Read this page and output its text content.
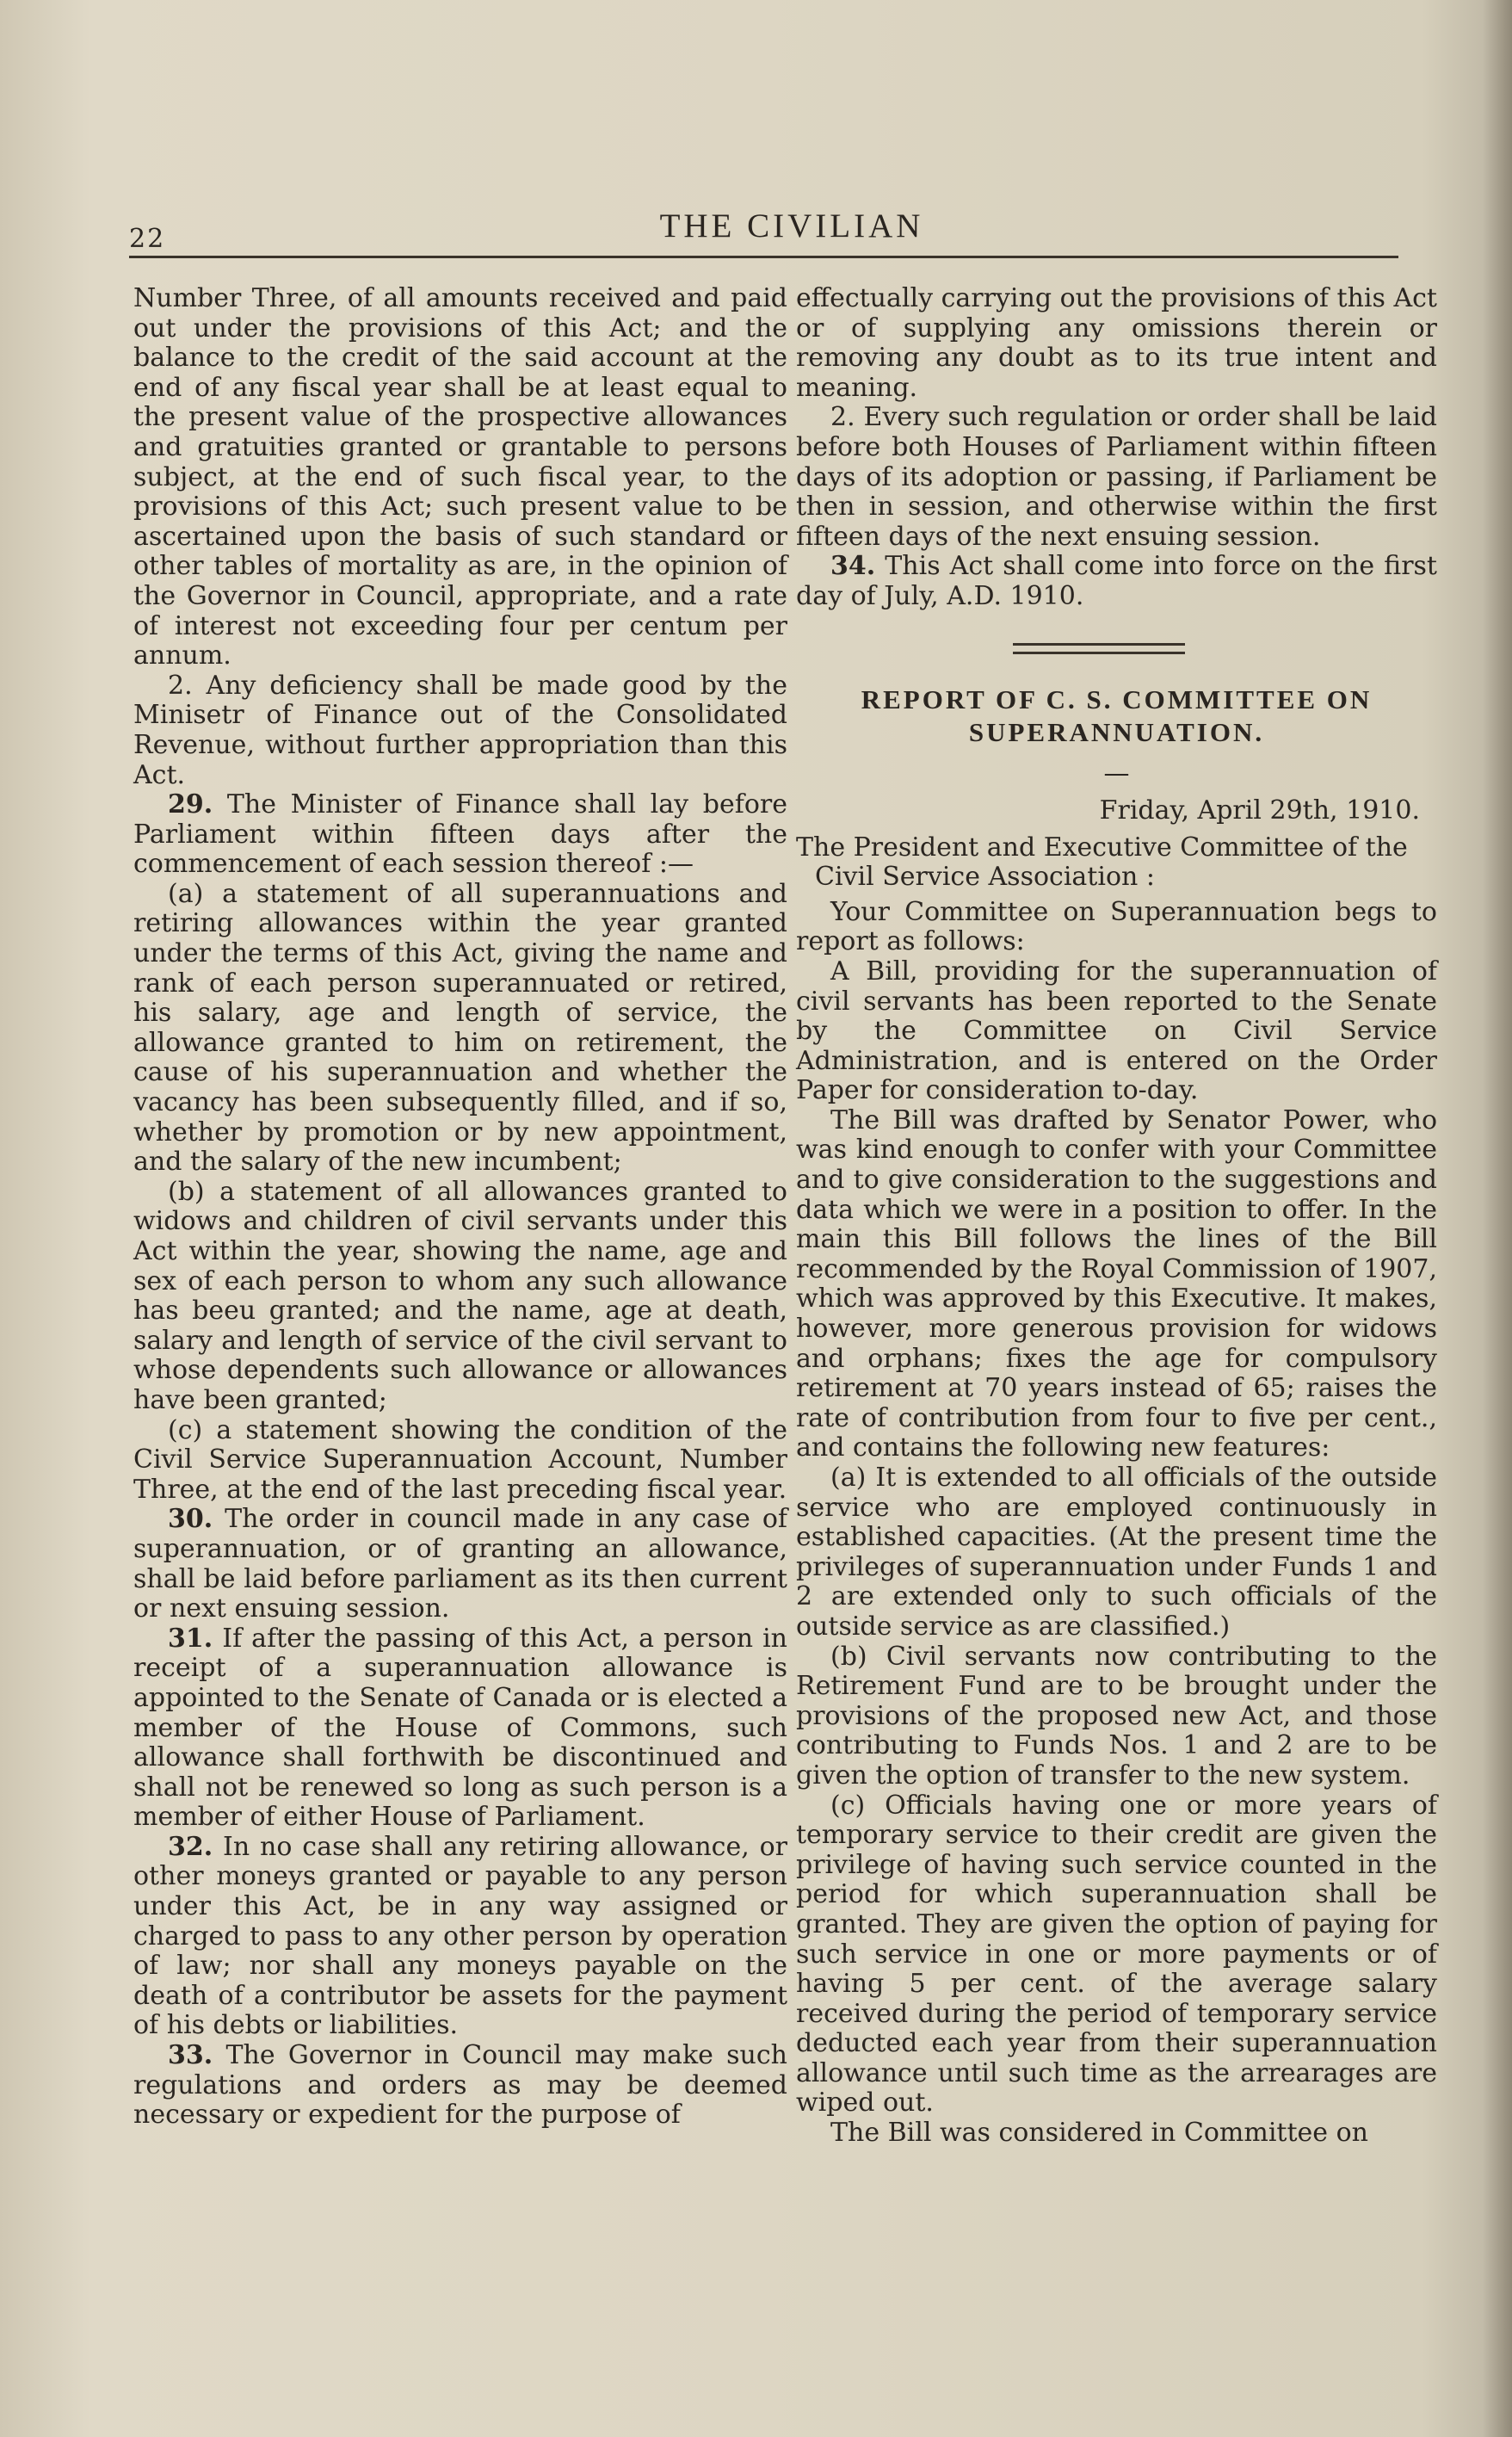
22	THE CIVILIAN

Number Three, of all amounts received and paid out under the provisions of this Act; and the balance to the credit of the said account at the end of any fiscal year shall be at least equal to the present value of the prospective allowances and gratuities granted or grantable to persons subject, at the end of such fiscal year, to the provisions of this Act; such present value to be ascertained upon the basis of such standard or other tables of mortality as are, in the opinion of the Governor in Council, appropriate, and a rate of interest not exceeding four per centum per annum.

2. Any deficiency shall be made good by the Minisetr of Finance out of the Consolidated Revenue, without further appropriation than this Act.

29. The Minister of Finance shall lay before Parliament within fifteen days after the commencement of each session thereof :—

(a) a statement of all superannuations and retiring allowances within the year granted under the terms of this Act, giving the name and rank of each person superannuated or retired, his salary, age and length of service, the allowance granted to him on retirement, the cause of his superannuation and whether the vacancy has been subsequently filled, and if so, whether by promotion or by new appointment, and the salary of the new incumbent;

(b) a statement of all allowances granted to widows and children of civil servants under this Act within the year, showing the name, age and sex of each person to whom any such allowance has beeu granted; and the name, age at death, salary and length of service of the civil servant to whose dependents such allowance or allowances have been granted;

(c) a statement showing the condition of the Civil Service Superannuation Account, Number Three, at the end of the last preceding fiscal year.

30. The order in council made in any case of superannuation, or of granting an allowance, shall be laid before parliament as its then current or next ensuing session.

31. If after the passing of this Act, a person in receipt of a superannuation allowance is appointed to the Senate of Canada or is elected a member of the House of Commons, such allowance shall forthwith be discontinued and shall not be renewed so long as such person is a member of either House of Parliament.

32. In no case shall any retiring allowance, or other moneys granted or payable to any person under this Act, be in any way assigned or charged to pass to any other person by operation of law; nor shall any moneys payable on the death of a contributor be assets for the payment of his debts or liabilities.

33. The Governor in Council may make such regulations and orders as may be deemed necessary or expedient for the purpose of

effectually carrying out the provisions of this Act or of supplying any omissions therein or removing any doubt as to its true intent and meaning.

2. Every such regulation or order shall be laid before both Houses of Parliament within fifteen days of its adoption or passing, if Parliament be then in session, and otherwise within the first fifteen days of the next ensuing session.

34. This Act shall come into force on the first day of July, A.D. 1910.

REPORT OF C. S. COMMITTEE ON SUPERANNUATION.

—

Friday, April 29th, 1910.

The President and Executive Committee of the Civil Service Association :

Your Committee on Superannuation begs to report as follows:

A Bill, providing for the superannuation of civil servants has been reported to the Senate by the Committee on Civil Service Administration, and is entered on the Order Paper for consideration to-day.

The Bill was drafted by Senator Power, who was kind enough to confer with your Committee and to give consideration to the suggestions and data which we were in a position to offer. In the main this Bill follows the lines of the Bill recommended by the Royal Commission of 1907, which was approved by this Executive. It makes, however, more generous provision for widows and orphans; fixes the age for compulsory retirement at 70 years instead of 65; raises the rate of contribution from four to five per cent., and contains the following new features:

(a) It is extended to all officials of the outside service who are employed continuously in established capacities. (At the present time the privileges of superannuation under Funds 1 and 2 are extended only to such officials of the outside service as are classified.)

(b) Civil servants now contributing to the Retirement Fund are to be brought under the provisions of the proposed new Act, and those contributing to Funds Nos. 1 and 2 are to be given the option of transfer to the new system.

(c) Officials having one or more years of temporary service to their credit are given the privilege of having such service counted in the period for which superannuation shall be granted. They are given the option of paying for such service in one or more payments or of having 5 per cent. of the average salary received during the period of temporary service deducted each year from their superannuation allowance until such time as the arrearages are wiped out.

The Bill was considered in Committee on
